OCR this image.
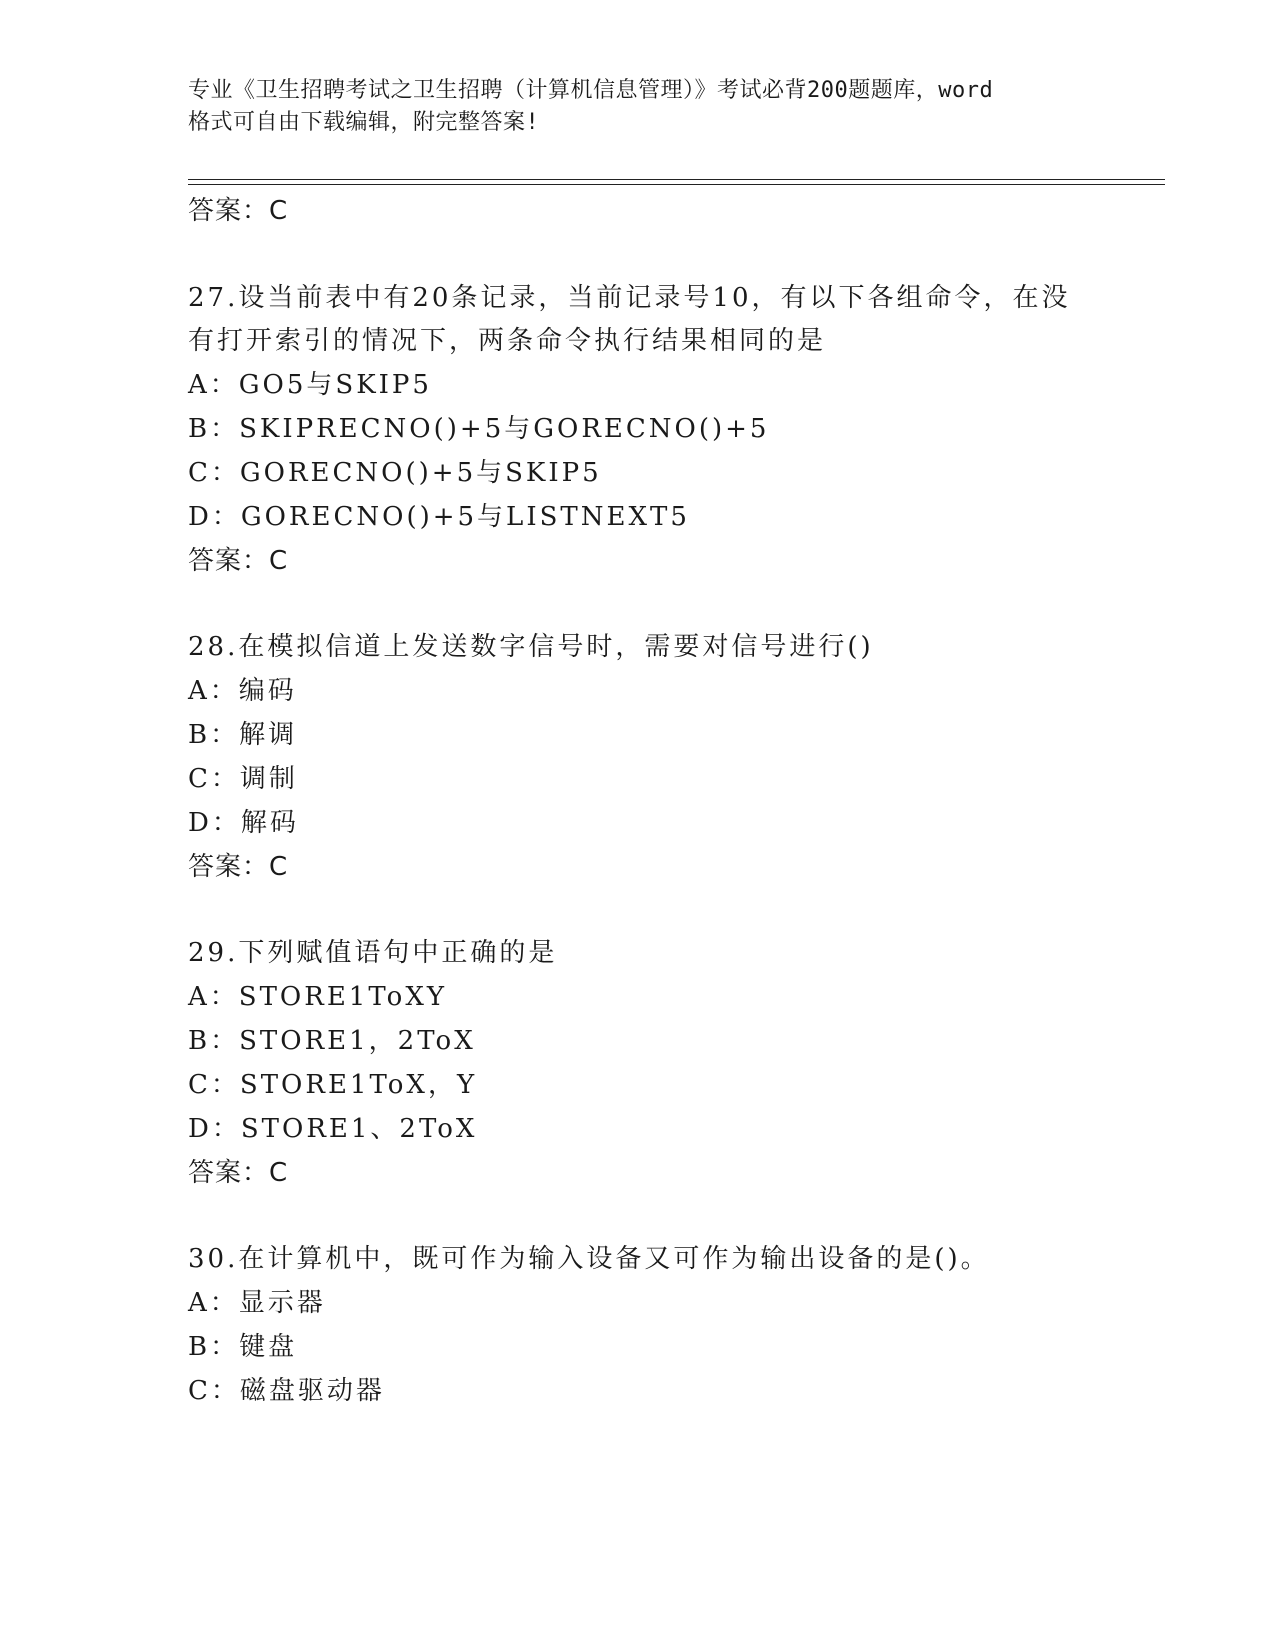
专业《卫生招聘考试之卫生招聘（计算机信息管理）》考试必背200题题库，word
格式可自由下载编辑，附完整答案!
答案：C
27.设当前表中有20条记录，当前记录号10，有以下各组命令，在没
有打开索引的情况下，两条命令执行结果相同的是
A：GO5与SKIP5
B：SKIPRECNO()+5与GORECNO()+5
C：GORECNO()+5与SKIP5
D：GORECNO()+5与LISTNEXT5
答案：C
28.在模拟信道上发送数字信号时，需要对信号进行()
A：编码
B：解调
C：调制
D：解码
答案：C
29.下列赋值语句中正确的是
A：STORE1ToXY
B：STORE1，2ToX
C：STORE1ToX，Y
D：STORE1、2ToX
答案：C
30.在计算机中，既可作为输入设备又可作为输出设备的是()。
A：显示器
B：键盘
C：磁盘驱动器
